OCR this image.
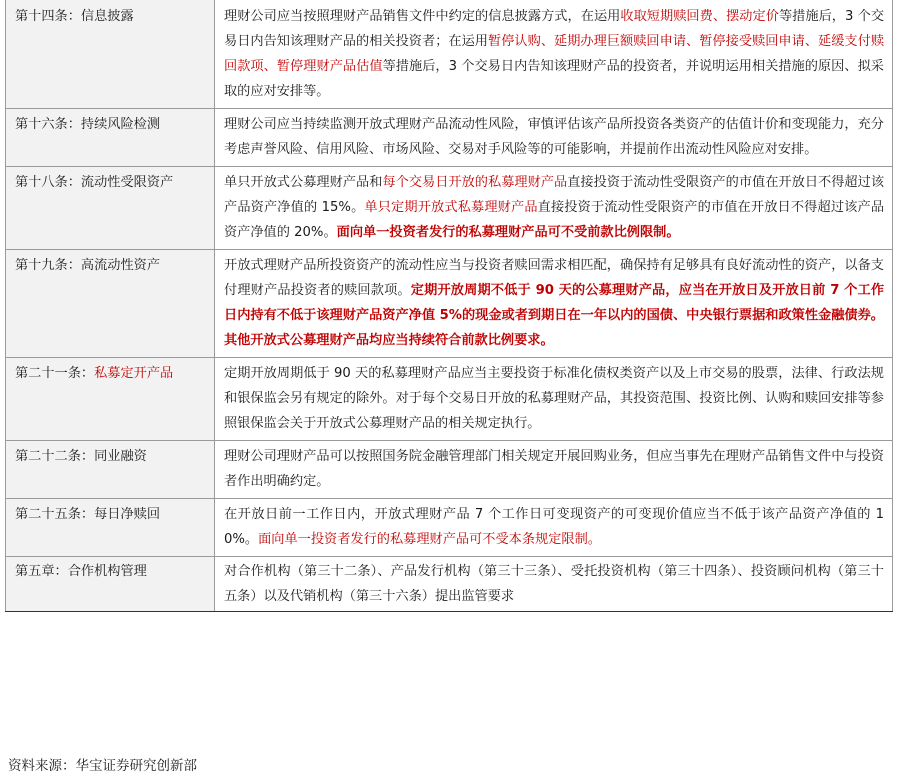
第十四条：信息披露	理财公司应当按照理财产品销售文件中约定的信息披露方式，在运用收取短期赎回费、摆动定价等措施后，3 个交易日内告知该理财产品的相关投资者；在运用暂停认购、延期办理巨额赎回申请、暂停接受赎回申请、延缓支付赎回款项、暂停理财产品估值等措施后，3 个交易日内告知该理财产品的投资者，并说明运用相关措施的原因、拟采取的应对安排等。
第十六条：持续风险检测	理财公司应当持续监测开放式理财产品流动性风险，审慎评估该产品所投资各类资产的估值计价和变现能力，充分考虑声誉风险、信用风险、市场风险、交易对手风险等的可能影响，并提前作出流动性风险应对安排。
第十八条：流动性受限资产	单只开放式公募理财产品和每个交易日开放的私募理财产品直接投资于流动性受限资产的市值在开放日不得超过该产品资产净值的 15%。单只定期开放式私募理财产品直接投资于流动性受限资产的市值在开放日不得超过该产品资产净值的 20%。面向单一投资者发行的私募理财产品可不受前款比例限制。
第十九条：高流动性资产	开放式理财产品所投资资产的流动性应当与投资者赎回需求相匹配，确保持有足够具有良好流动性的资产，以备支付理财产品投资者的赎回款项。定期开放周期不低于 90 天的公募理财产品，应当在开放日及开放日前 7 个工作日内持有不低于该理财产品资产净值 5%的现金或者到期日在一年以内的国债、中央银行票据和政策性金融债券。其他开放式公募理财产品均应当持续符合前款比例要求。
第二十一条：私募定开产品	定期开放周期低于 90 天的私募理财产品应当主要投资于标准化债权类资产以及上市交易的股票，法律、行政法规和银保监会另有规定的除外。对于每个交易日开放的私募理财产品，其投资范围、投资比例、认购和赎回安排等参照银保监会关于开放式公募理财产品的相关规定执行。
第二十二条：同业融资	理财公司理财产品可以按照国务院金融管理部门相关规定开展回购业务，但应当事先在理财产品销售文件中与投资者作出明确约定。
第二十五条：每日净赎回	在开放日前一工作日内，开放式理财产品 7 个工作日可变现资产的可变现价值应当不低于该产品资产净值的 10%。面向单一投资者发行的私募理财产品可不受本条规定限制。
第五章：合作机构管理	对合作机构（第三十二条）、产品发行机构（第三十三条）、受托投资机构（第三十四条）、投资顾问机构（第三十五条）以及代销机构（第三十六条）提出监管要求
资料来源：华宝证券研究创新部
